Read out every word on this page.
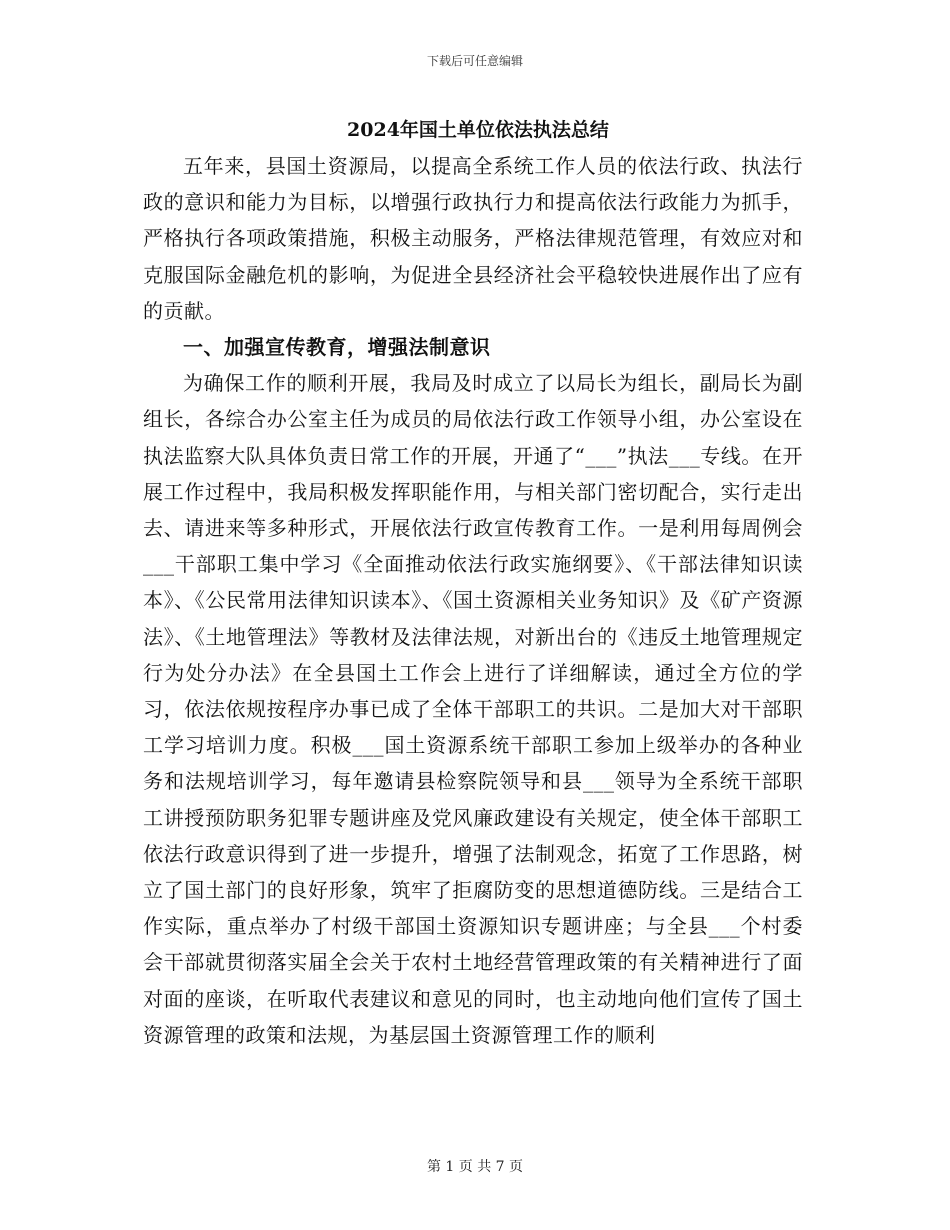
下载后可任意编辑
2024年国土单位依法执法总结

五年来，县国土资源局，以提高全系统工作人员的依法行政、执法行政的意识和能力为目标，以增强行政执行力和提高依法行政能力为抓手，严格执行各项政策措施，积极主动服务，严格法律规范管理，有效应对和克服国际金融危机的影响，为促进全县经济社会平稳较快进展作出了应有的贡献。

一、加强宣传教育，增强法制意识

为确保工作的顺利开展，我局及时成立了以局长为组长，副局长为副组长，各综合办公室主任为成员的局依法行政工作领导小组，办公室设在执法监察大队具体负责日常工作的开展，开通了“___”执法___专线。在开展工作过程中，我局积极发挥职能作用，与相关部门密切配合，实行走出去、请进来等多种形式，开展依法行政宣传教育工作。一是利用每周例会___干部职工集中学习《全面推动依法行政实施纲要》、《干部法律知识读本》、《公民常用法律知识读本》、《国土资源相关业务知识》及《矿产资源法》、《土地管理法》等教材及法律法规，对新出台的《违反土地管理规定行为处分办法》在全县国土工作会上进行了详细解读，通过全方位的学习，依法依规按程序办事已成了全体干部职工的共识。二是加大对干部职工学习培训力度。积极___国土资源系统干部职工参加上级举办的各种业务和法规培训学习，每年邀请县检察院领导和县___领导为全系统干部职工讲授预防职务犯罪专题讲座及党风廉政建设有关规定，使全体干部职工依法行政意识得到了进一步提升，增强了法制观念，拓宽了工作思路，树立了国土部门的良好形象，筑牢了拒腐防变的思想道德防线。三是结合工作实际，重点举办了村级干部国土资源知识专题讲座；与全县___个村委会干部就贯彻落实届全会关于农村土地经营管理政策的有关精神进行了面对面的座谈，在听取代表建议和意见的同时，也主动地向他们宣传了国土资源管理的政策和法规，为基层国土资源管理工作的顺利

第 1 页 共 7 页
